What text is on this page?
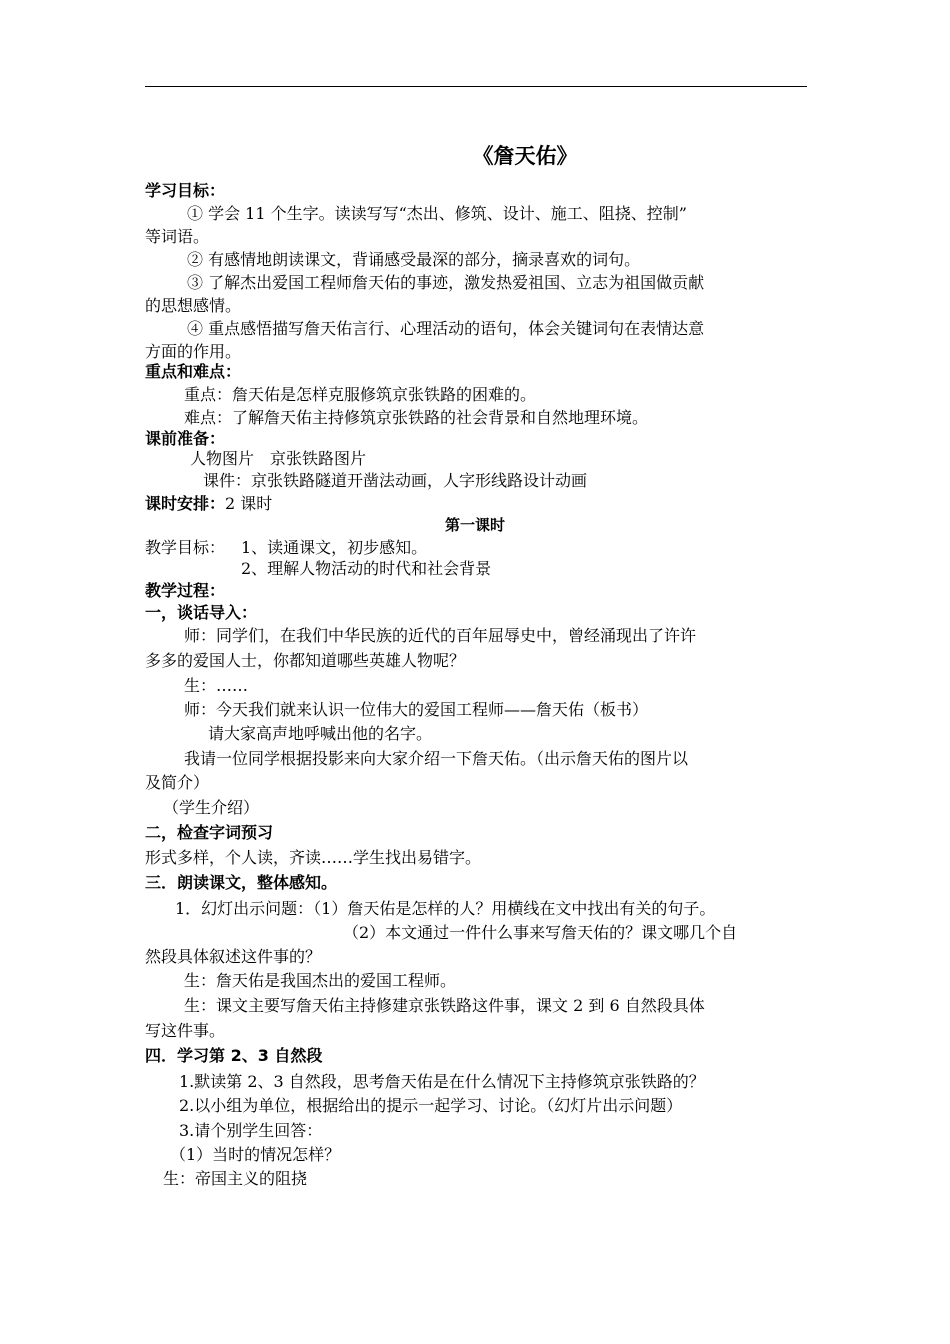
《詹天佑》
学习目标：
① 学会 11 个生字。读读写写“杰出、修筑、设计、施工、阻挠、控制”
等词语。
② 有感情地朗读课文，背诵感受最深的部分，摘录喜欢的词句。
③ 了解杰出爱国工程师詹天佑的事迹，激发热爱祖国、立志为祖国做贡献
的思想感情。
④ 重点感悟描写詹天佑言行、心理活动的语句，体会关键词句在表情达意
方面的作用。
重点和难点：
重点：詹天佑是怎样克服修筑京张铁路的困难的。
难点：了解詹天佑主持修筑京张铁路的社会背景和自然地理环境。
课前准备：
人物图片　京张铁路图片
课件：京张铁路隧道开凿法动画，人字形线路设计动画
课时安排：2 课时
第一课时
教学目标： 1、读通课文，初步感知。
2、理解人物活动的时代和社会背景
教学过程：
一，谈话导入：
师：同学们，在我们中华民族的近代的百年屈辱史中，曾经涌现出了许许
多多的爱国人士，你都知道哪些英雄人物呢？
生：……
师：今天我们就来认识一位伟大的爱国工程师——詹天佑（板书）
请大家高声地呼喊出他的名字。
我请一位同学根据投影来向大家介绍一下詹天佑。（出示詹天佑的图片以
及简介）
（学生介绍）
二，检查字词预习
形式多样，个人读，齐读……学生找出易错字。
三．朗读课文，整体感知。
1．幻灯出示问题：（1）詹天佑是怎样的人？用横线在文中找出有关的句子。
（2）本文通过一件什么事来写詹天佑的？课文哪几个自
然段具体叙述这件事的？
生：詹天佑是我国杰出的爱国工程师。
生：课文主要写詹天佑主持修建京张铁路这件事，课文 2 到 6 自然段具体
写这件事。
四．学习第 2、3 自然段
1.默读第 2、3 自然段，思考詹天佑是在什么情况下主持修筑京张铁路的？
2.以小组为单位，根据给出的提示一起学习、讨论。（幻灯片出示问题）
3.请个别学生回答：
（1）当时的情况怎样？
生：帝国主义的阻挠
